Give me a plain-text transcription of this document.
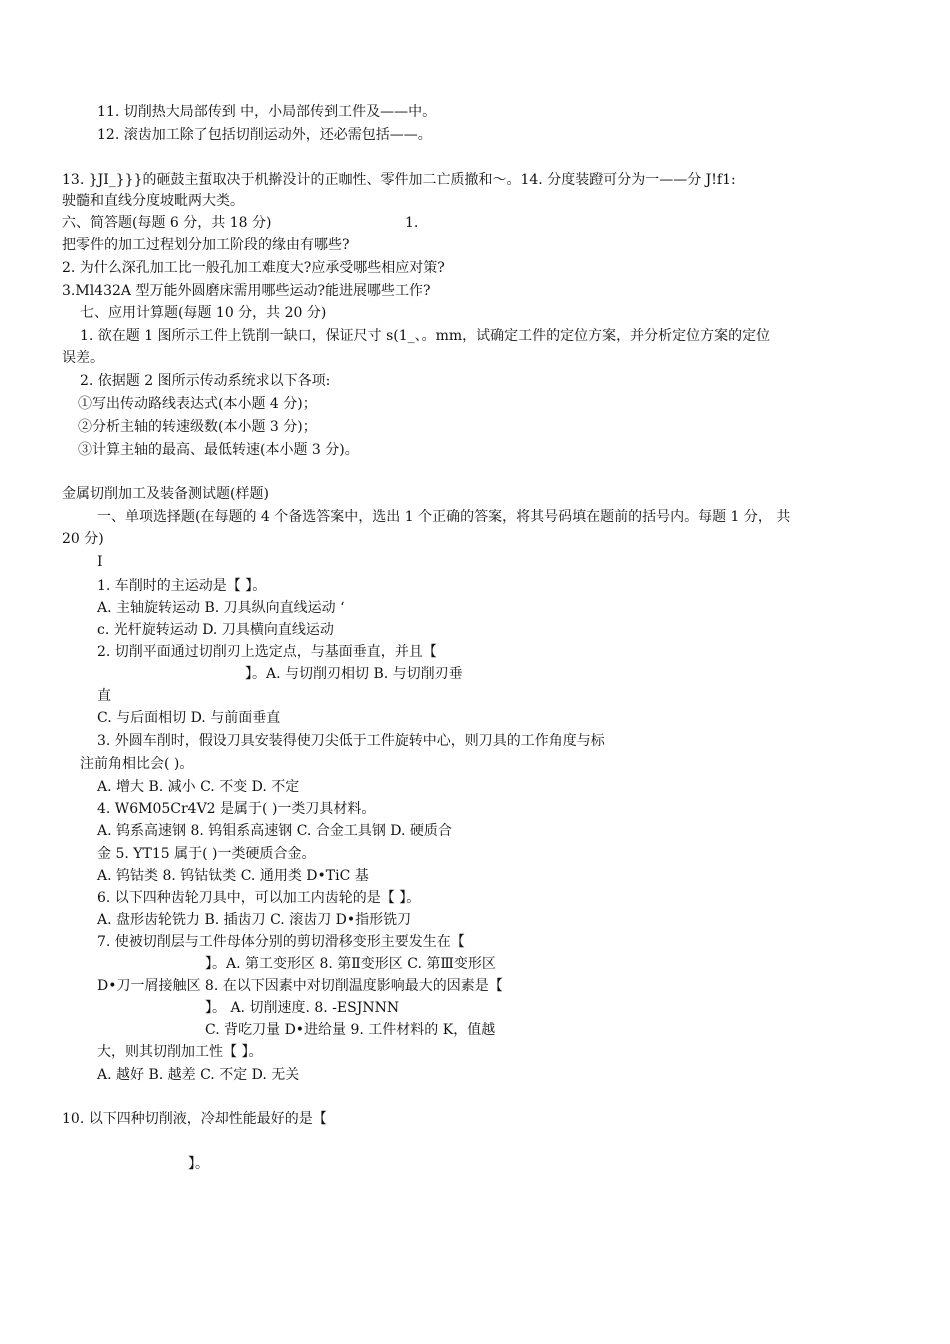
11. 切削热大局部传到 中，小局部传到工件及——中。
12. 滚齿加工除了包括切削运动外，还必需包括——。
13. }JI_}}}的砸鼓主蜇取决于机擀没计的正咖性、零件加二亡质撤和～。14. 分度装蹬可分为一——分 J!f1:
驶髓和直线分度坡毗两大类。
六、简答题(每题 6 分，共 18 分)	1.
把零件的加工过程划分加工阶段的缘由有哪些?
2. 为什么深孔加工比一般孔加工难度大?应承受哪些相应对策?
3.Ml432A 型万能外圆磨床需用哪些运动?能进展哪些工作?
七、应用计算题(每题 10 分，共 20 分)
1. 欲在题 1 图所示工件上铣削一缺口，保证尺寸 s(1_、。mm，试确定工件的定位方案，并分析定位方案的定位
误差。
2. 依据题 2 图所示传动系统求以下各项:
①写出传动路线表达式(本小题 4 分)；
②分析主轴的转速级数(本小题 3 分)；
③计算主轴的最高、最低转速(本小题 3 分)。
金属切削加工及装备测试题(样题)
一、单项选择题(在每题的 4 个备选答案中，选出 1 个正确的答案，将其号码填在题前的括号内。每题 1 分， 共
20 分)
I
1. 车削时的主运动是【 】。
A. 主轴旋转运动 B. 刀具纵向直线运动 ‘
c. 光杆旋转运动 D. 刀具横向直线运动
2. 切削平面通过切削刃上选定点，与基面垂直，并且【
】。A. 与切削刃相切 B. 与切削刃垂
直
C. 与后面相切 D. 与前面垂直
3. 外圆车削时，假设刀具安装得使刀尖低于工件旋转中心，则刀具的工作角度与标
注前角相比会( )。
A. 增大 B. 减小 C. 不变 D. 不定
4. W6M05Cr4V2 是属于( )一类刀具材料。
A. 钨系高速钢 8. 钨钼系高速钢 C. 合金工具钢 D. 硬质合
金 5. YT15 属于( )一类硬质合金。
A. 钨钴类 8. 钨钴钛类 C. 通用类 D•TiC 基
6. 以下四种齿轮刀具中，可以加工内齿轮的是【 】。
A. 盘形齿轮铣力 B. 插齿刀 C. 滚齿刀 D•指形铣刀
7. 使被切削层与工件母体分别的剪切滑移变形主要发生在【
】。A. 第工变形区 8. 第Ⅱ变形区 C. 第Ⅲ变形区
D•刀一屑接触区 8. 在以下因素中对切削温度影响最大的因素是【
】。 A. 切削速度. 8. -ESJNNN
C. 背吃刀量 D•进给量 9. 工件材料的 K，值越
大，则其切削加工性【 】。
A. 越好 B. 越差 C. 不定 D. 无关
10. 以下四种切削液，冷却性能最好的是【
】。
